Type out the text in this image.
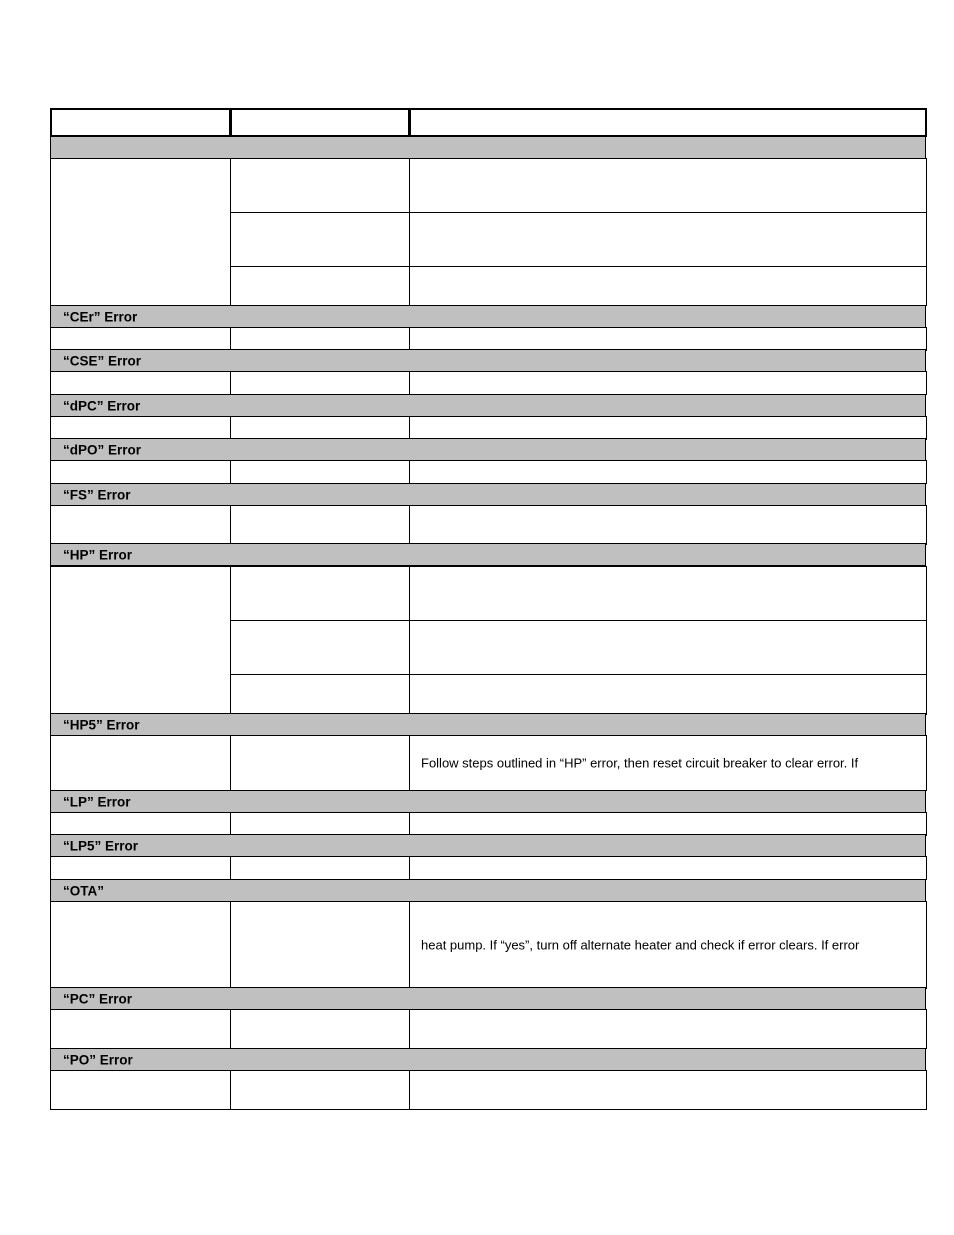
“CEr” Error
“CSE” Error
“dPC” Error
“dPO” Error
“FS” Error
“HP” Error
“HP5” Error
Follow steps outlined in “HP” error, then reset circuit breaker to clear error. If
“LP” Error
“LP5” Error
“OTA”
heat pump. If “yes”, turn off alternate heater and check if error clears. If error
“PC” Error
“PO” Error
